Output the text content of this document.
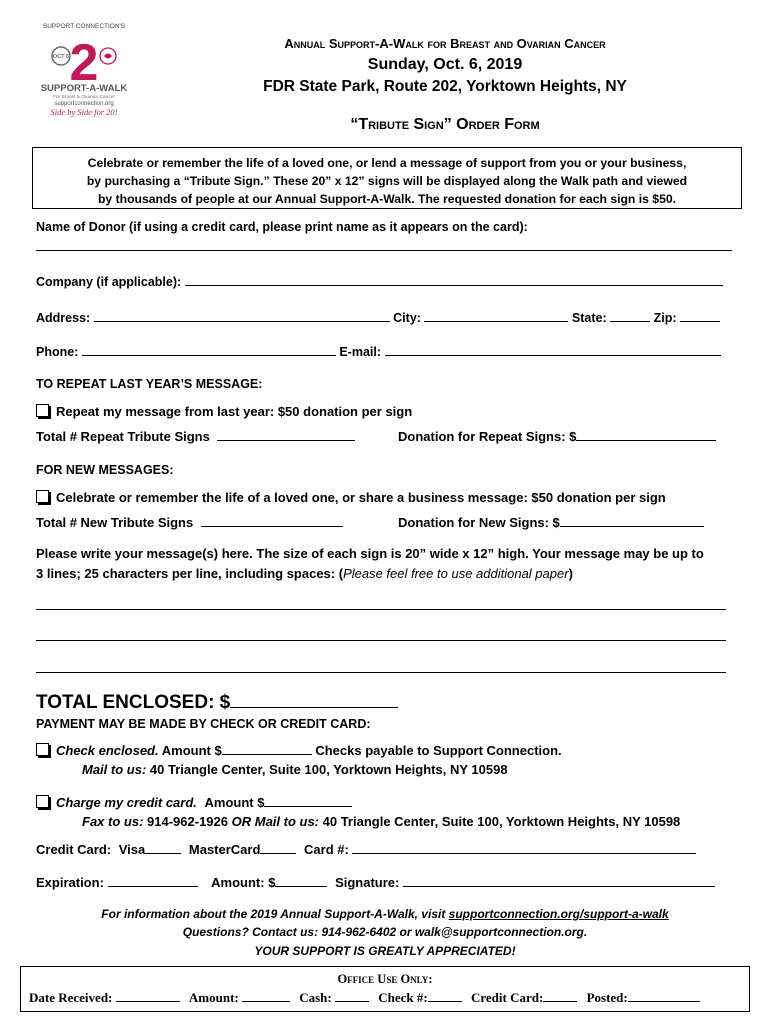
SUPPORT CONNECTION'S
2
OCT 6
SUPPORT-A-WALK
For Breast & Ovarian Cancer
supportconnection.org
Side by Side for 20!
Annual Support-A-Walk for Breast and Ovarian Cancer
Sunday, Oct. 6, 2019
FDR State Park, Route 202, Yorktown Heights, NY
“Tribute Sign” Order Form

Celebrate or remember the life of a loved one, or lend a message of support from you or your business,
by purchasing a “Tribute Sign.” These 20” x 12” signs will be displayed along the Walk path and viewed
by thousands of people at our Annual Support-A-Walk. The requested donation for each sign is $50.

Name of Donor (if using a credit card, please print name as it appears on the card):
Company (if applicable):
Address:	City:	State:	Zip:
Phone:	E-mail:
TO REPEAT LAST YEAR’S MESSAGE:
Repeat my message from last year: $50 donation per sign
Total # Repeat Tribute Signs	Donation for Repeat Signs: $
FOR NEW MESSAGES:
Celebrate or remember the life of a loved one, or share a business message: $50 donation per sign
Total # New Tribute Signs	Donation for New Signs: $
Please write your message(s) here. The size of each sign is 20” wide x 12” high. Your message may be up to
3 lines; 25 characters per line, including spaces: (Please feel free to use additional paper)
TOTAL ENCLOSED: $
PAYMENT MAY BE MADE BY CHECK OR CREDIT CARD:
Check enclosed. Amount $	Checks payable to Support Connection.
Mail to us: 40 Triangle Center, Suite 100, Yorktown Heights, NY 10598
Charge my credit card. Amount $
Fax to us: 914-962-1926 OR Mail to us: 40 Triangle Center, Suite 100, Yorktown Heights, NY 10598
Credit Card: Visa	MasterCard	Card #:
Expiration:	Amount: $	Signature:
For information about the 2019 Annual Support-A-Walk, visit supportconnection.org/support-a-walk
Questions? Contact us: 914-962-6402 or walk@supportconnection.org.
YOUR SUPPORT IS GREATLY APPRECIATED!
Office Use Only:
Date Received:	Amount:	Cash:	Check #:	Credit Card:	Posted:
